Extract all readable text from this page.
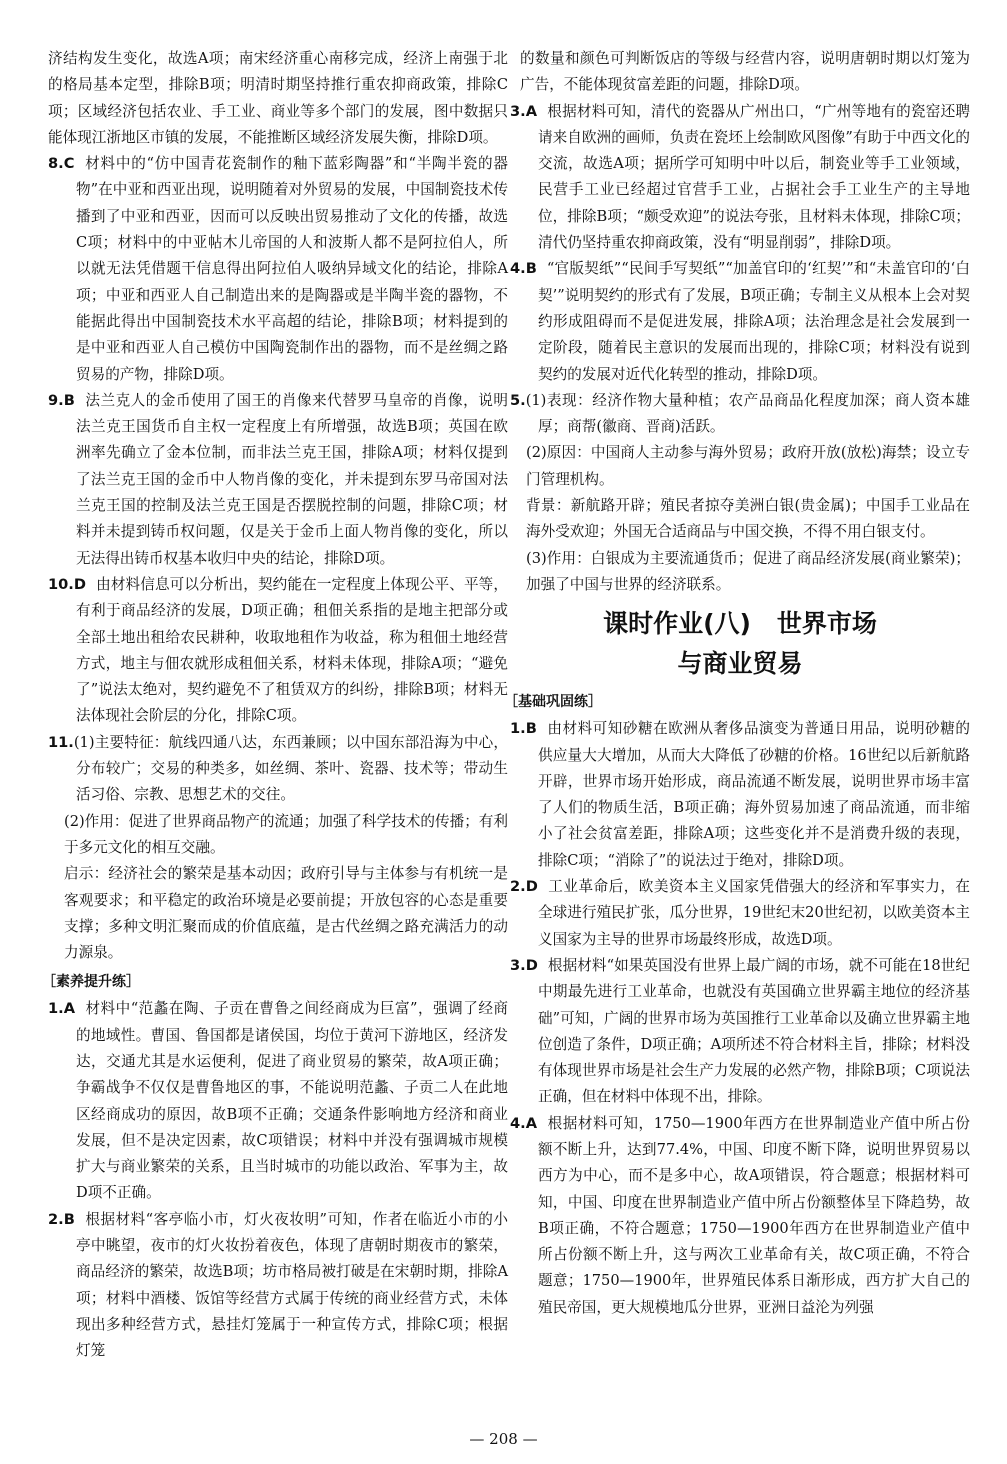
济结构发生变化，故选A项；南宋经济重心南移完成，经济上南强于北的格局基本定型，排除B项；明清时期坚持推行重农抑商政策，排除C项；区域经济包括农业、手工业、商业等多个部门的发展，图中数据只能体现江浙地区市镇的发展，不能推断区域经济发展失衡，排除D项。

8.C 材料中的“仿中国青花瓷制作的釉下蓝彩陶器”和“半陶半瓷的器物”在中亚和西亚出现，说明随着对外贸易的发展，中国制瓷技术传播到了中亚和西亚，因而可以反映出贸易推动了文化的传播，故选C项；材料中的中亚帖木儿帝国的人和波斯人都不是阿拉伯人，所以就无法凭借题干信息得出阿拉伯人吸纳异域文化的结论，排除A项；中亚和西亚人自己制造出来的是陶器或是半陶半瓷的器物，不能据此得出中国制瓷技术水平高超的结论，排除B项；材料提到的是中亚和西亚人自己模仿中国陶瓷制作出的器物，而不是丝绸之路贸易的产物，排除D项。
9.B 法兰克人的金币使用了国王的肖像来代替罗马皇帝的肖像，说明法兰克王国货币自主权一定程度上有所增强，故选B项；英国在欧洲率先确立了金本位制，而非法兰克王国，排除A项；材料仅提到了法兰克王国的金币中人物肖像的变化，并未提到东罗马帝国对法兰克王国的控制及法兰克王国是否摆脱控制的问题，排除C项；材料并未提到铸币权问题，仅是关于金币上面人物肖像的变化，所以无法得出铸币权基本收归中央的结论，排除D项。
10.D 由材料信息可以分析出，契约能在一定程度上体现公平、平等，有利于商品经济的发展，D项正确；租佃关系指的是地主把部分或全部土地出租给农民耕种，收取地租作为收益，称为租佃土地经营方式，地主与佃农就形成租佃关系，材料未体现，排除A项；“避免了”说法太绝对，契约避免不了租赁双方的纠纷，排除B项；材料无法体现社会阶层的分化，排除C项。
11.(1)主要特征：航线四通八达，东西兼顾；以中国东部沿海为中心，分布较广；交易的种类多，如丝绸、茶叶、瓷器、技术等；带动生活习俗、宗教、思想艺术的交往。
(2)作用：促进了世界商品物产的流通；加强了科学技术的传播；有利于多元文化的相互交融。
启示：经济社会的繁荣是基本动因；政府引导与主体参与有机统一是客观要求；和平稳定的政治环境是必要前提；开放包容的心态是重要支撑；多种文明汇聚而成的价值底蕴，是古代丝绸之路充满活力的动力源泉。
［素养提升练］
1.A 材料中“范蠡在陶、子贡在曹鲁之间经商成为巨富”，强调了经商的地域性。曹国、鲁国都是诸侯国，均位于黄河下游地区，经济发达，交通尤其是水运便利，促进了商业贸易的繁荣，故A项正确；争霸战争不仅仅是曹鲁地区的事，不能说明范蠡、子贡二人在此地区经商成功的原因，故B项不正确；交通条件影响地方经济和商业发展，但不是决定因素，故C项错误；材料中并没有强调城市规模扩大与商业繁荣的关系，且当时城市的功能以政治、军事为主，故D项不正确。
2.B 根据材料“客亭临小市，灯火夜妆明”可知，作者在临近小市的小亭中眺望，夜市的灯火妆扮着夜色，体现了唐朝时期夜市的繁荣，商品经济的繁荣，故选B项；坊市格局被打破是在宋朝时期，排除A项；材料中酒楼、饭馆等经营方式属于传统的商业经营方式，未体现出多种经营方式，悬挂灯笼属于一种宣传方式，排除C项；根据灯笼

的数量和颜色可判断饭店的等级与经营内容，说明唐朝时期以灯笼为广告，不能体现贫富差距的问题，排除D项。

3.A 根据材料可知，清代的瓷器从广州出口，“广州等地有的瓷窑还聘请来自欧洲的画师，负责在瓷坯上绘制欧风图像”有助于中西文化的交流，故选A项；据所学可知明中叶以后，制瓷业等手工业领域，民营手工业已经超过官营手工业，占据社会手工业生产的主导地位，排除B项；“颇受欢迎”的说法夸张，且材料未体现，排除C项；清代仍坚持重农抑商政策，没有“明显削弱”，排除D项。
4.B “官版契纸”“民间手写契纸”“加盖官印的‘红契’”和“未盖官印的‘白契’”说明契约的形式有了发展，B项正确；专制主义从根本上会对契约形成阻碍而不是促进发展，排除A项；法治理念是社会发展到一定阶段，随着民主意识的发展而出现的，排除C项；材料没有说到契约的发展对近代化转型的推动，排除D项。
5.(1)表现：经济作物大量种植；农产品商品化程度加深；商人资本雄厚；商帮(徽商、晋商)活跃。
(2)原因：中国商人主动参与海外贸易；政府开放(放松)海禁；设立专门管理机构。
背景：新航路开辟；殖民者掠夺美洲白银(贵金属)；中国手工业品在海外受欢迎；外国无合适商品与中国交换，不得不用白银支付。
(3)作用：白银成为主要流通货币；促进了商品经济发展(商业繁荣)；加强了中国与世界的经济联系。
课时作业(八) 世界市场
与商业贸易
［基础巩固练］
1.B 由材料可知砂糖在欧洲从奢侈品演变为普通日用品，说明砂糖的供应量大大增加，从而大大降低了砂糖的价格。16世纪以后新航路开辟，世界市场开始形成，商品流通不断发展，说明世界市场丰富了人们的物质生活，B项正确；海外贸易加速了商品流通，而非缩小了社会贫富差距，排除A项；这些变化并不是消费升级的表现，排除C项；“消除了”的说法过于绝对，排除D项。
2.D 工业革命后，欧美资本主义国家凭借强大的经济和军事实力，在全球进行殖民扩张，瓜分世界，19世纪末20世纪初，以欧美资本主义国家为主导的世界市场最终形成，故选D项。
3.D 根据材料“如果英国没有世界上最广阔的市场，就不可能在18世纪中期最先进行工业革命，也就没有英国确立世界霸主地位的经济基础”可知，广阔的世界市场为英国推行工业革命以及确立世界霸主地位创造了条件，D项正确；A项所述不符合材料主旨，排除；材料没有体现世界市场是社会生产力发展的必然产物，排除B项；C项说法正确，但在材料中体现不出，排除。
4.A 根据材料可知，1750—1900年西方在世界制造业产值中所占份额不断上升，达到77.4%，中国、印度不断下降，说明世界贸易以西方为中心，而不是多中心，故A项错误，符合题意；根据材料可知，中国、印度在世界制造业产值中所占份额整体呈下降趋势，故B项正确，不符合题意；1750—1900年西方在世界制造业产值中所占份额不断上升，这与两次工业革命有关，故C项正确，不符合题意；1750—1900年，世界殖民体系日渐形成，西方扩大自己的殖民帝国，更大规模地瓜分世界，亚洲日益沦为列强
— 208 —
